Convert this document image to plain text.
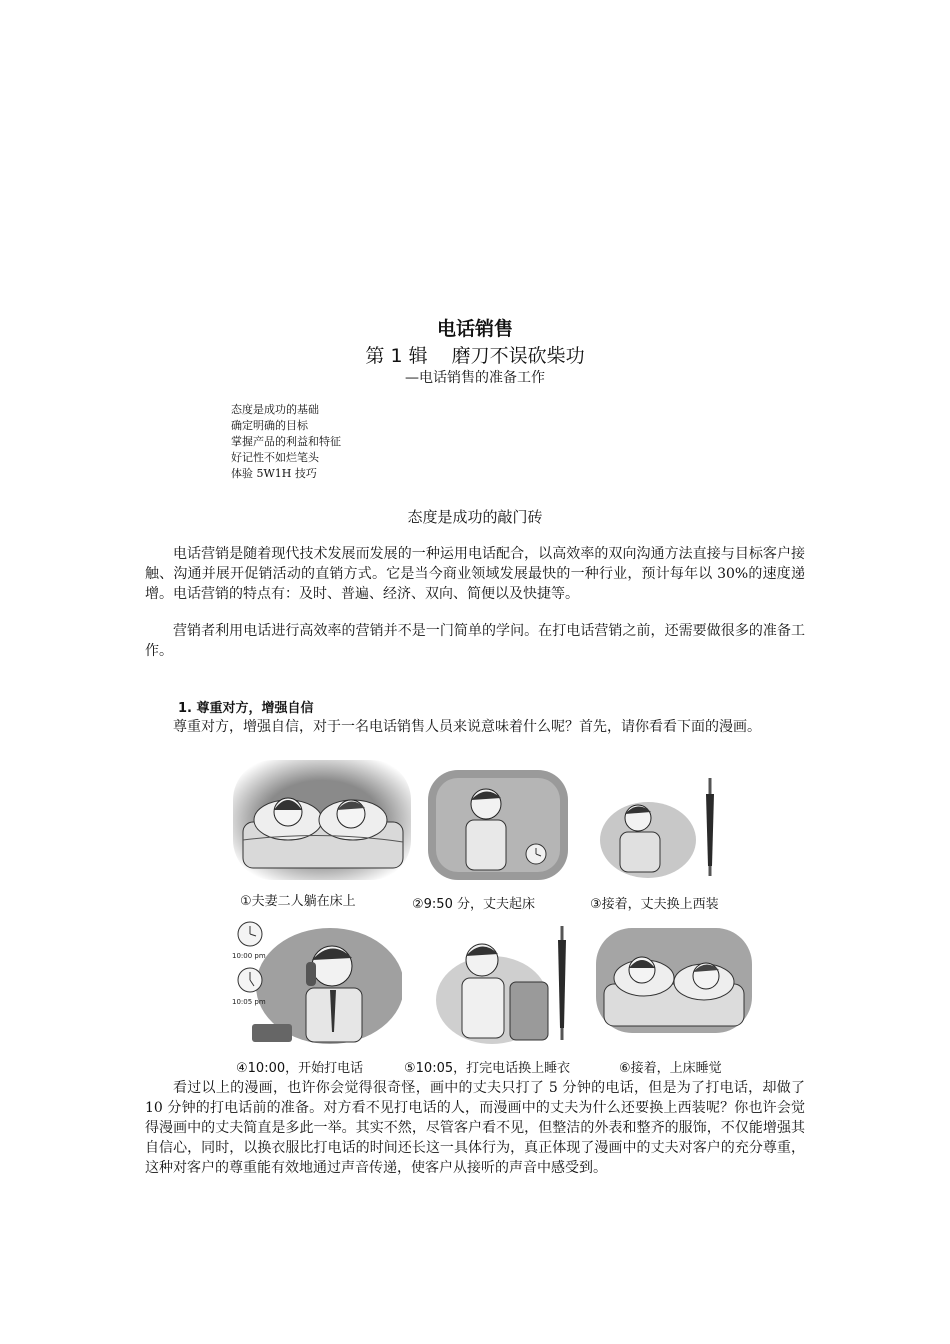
电话销售
第 1 辑 磨刀不误砍柴功
—电话销售的准备工作
态度是成功的基础
确定明确的目标
掌握产品的利益和特征
好记性不如烂笔头
体验 5W1H 技巧
态度是成功的敲门砖

电话营销是随着现代技术发展而发展的一种运用电话配合，以高效率的双向沟通方法直接与目标客户接触、沟通并展开促销活动的直销方式。它是当今商业领域发展最快的一种行业，预计每年以 30%的速度递增。电话营销的特点有：及时、普遍、经济、双向、简便以及快捷等。

营销者利用电话进行高效率的营销并不是一门简单的学问。在打电话营销之前，还需要做很多的准备工作。

1. 尊重对方，增强自信

尊重对方，增强自信，对于一名电话销售人员来说意味着什么呢？首先，请你看看下面的漫画。

①夫妻二人躺在床上	②9:50 分，丈夫起床	③接着，丈夫换上西装
10:00 pm
10:05 pm
④10:00，开始打电话	⑤10:05，打完电话换上睡衣	⑥接着，上床睡觉

看过以上的漫画，也许你会觉得很奇怪，画中的丈夫只打了 5 分钟的电话，但是为了打电话，却做了 10 分钟的打电话前的准备。对方看不见打电话的人，而漫画中的丈夫为什么还要换上西装呢？你也许会觉得漫画中的丈夫简直是多此一举。其实不然，尽管客户看不见，但整洁的外表和整齐的服饰，不仅能增强其自信心，同时，以换衣服比打电话的时间还长这一具体行为，真正体现了漫画中的丈夫对客户的充分尊重，这种对客户的尊重能有效地通过声音传递，使客户从接听的声音中感受到。
